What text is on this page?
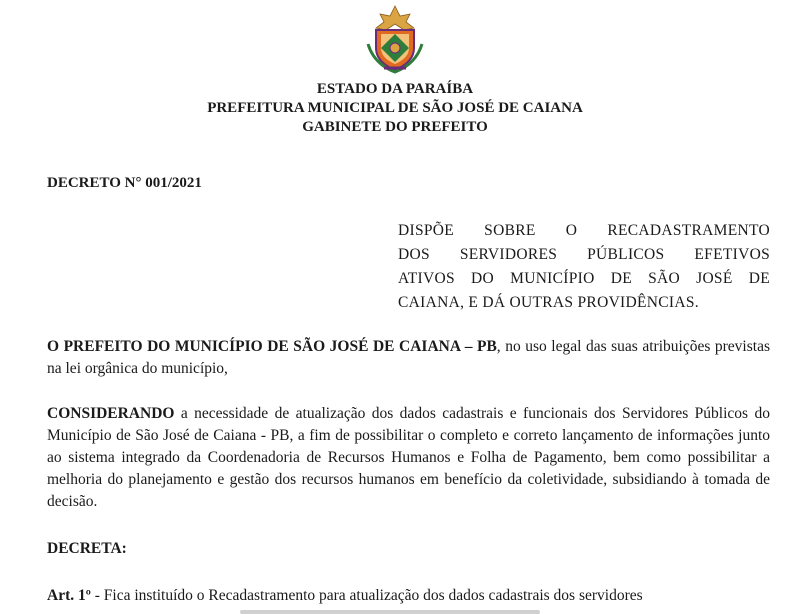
ESTADO DA PARAÍBA
PREFEITURA MUNICIPAL DE SÃO JOSÉ DE CAIANA
GABINETE DO PREFEITO
DECRETO N° 001/2021
DISPÕE SOBRE O RECADASTRAMENTO
DOS SERVIDORES PÚBLICOS EFETIVOS
ATIVOS DO MUNICÍPIO DE SÃO JOSÉ DE
CAIANA, E DÁ OUTRAS PROVIDÊNCIAS.
O PREFEITO DO MUNICÍPIO DE SÃO JOSÉ DE CAIANA – PB, no uso legal das suas atribuições previstas na lei orgânica do município,
CONSIDERANDO a necessidade de atualização dos dados cadastrais e funcionais dos Servidores Públicos do Município de São José de Caiana - PB, a fim de possibilitar o completo e correto lançamento de informações junto ao sistema integrado da Coordenadoria de Recursos Humanos e Folha de Pagamento, bem como possibilitar a melhoria do planejamento e gestão dos recursos humanos em benefício da coletividade, subsidiando à tomada de decisão.
DECRETA:
Art. 1º - Fica instituído o Recadastramento para atualização dos dados cadastrais dos servidores
